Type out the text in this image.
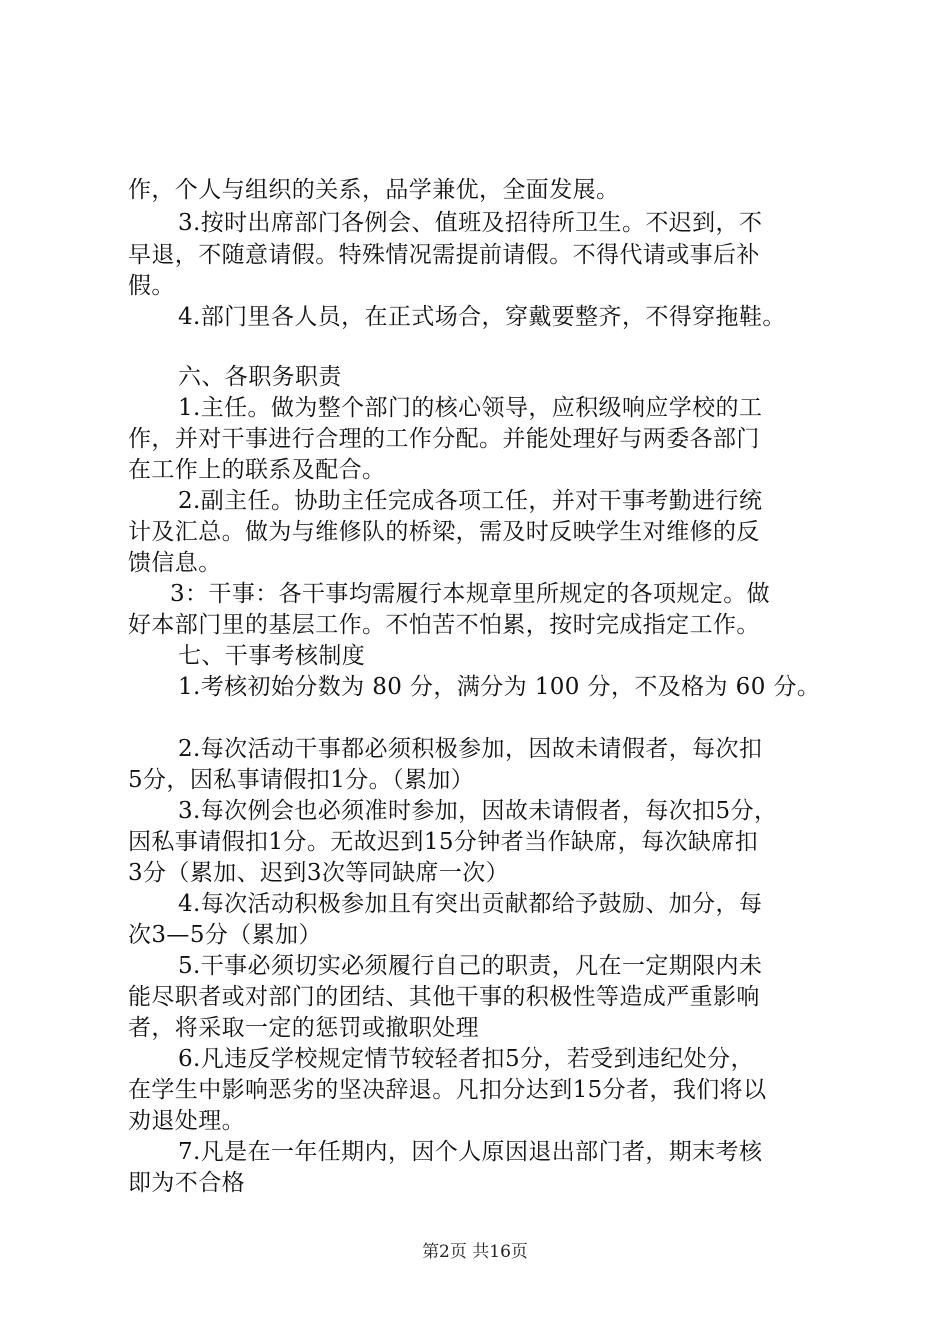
作，个人与组织的关系，品学兼优，全面发展。
3.按时出席部门各例会、值班及招待所卫生。不迟到，不
早退，不随意请假。特殊情况需提前请假。不得代请或事后补
假。
4.部门里各人员，在正式场合，穿戴要整齐，不得穿拖鞋。
六、各职务职责
1.主任。做为整个部门的核心领导，应积级响应学校的工
作，并对干事进行合理的工作分配。并能处理好与两委各部门
在工作上的联系及配合。
2.副主任。协助主任完成各项工任，并对干事考勤进行统
计及汇总。做为与维修队的桥梁，需及时反映学生对维修的反
馈信息。
3：干事：各干事均需履行本规章里所规定的各项规定。做
好本部门里的基层工作。不怕苦不怕累，按时完成指定工作。
七、干事考核制度
1.考核初始分数为 80 分，满分为 100 分，不及格为 60 分。
2.每次活动干事都必须积极参加，因故未请假者，每次扣
5分，因私事请假扣1分。（累加）
3.每次例会也必须准时参加，因故未请假者，每次扣5分，
因私事请假扣1分。无故迟到15分钟者当作缺席，每次缺席扣
3分（累加、迟到3次等同缺席一次）
4.每次活动积极参加且有突出贡献都给予鼓励、加分，每
次3—5分（累加）
5.干事必须切实必须履行自己的职责，凡在一定期限内未
能尽职者或对部门的团结、其他干事的积极性等造成严重影响
者，将采取一定的惩罚或撤职处理
6.凡违反学校规定情节较轻者扣5分，若受到违纪处分，
在学生中影响恶劣的坚决辞退。凡扣分达到15分者，我们将以
劝退处理。
7.凡是在一年任期内，因个人原因退出部门者，期末考核
即为不合格
第2页 共16页
